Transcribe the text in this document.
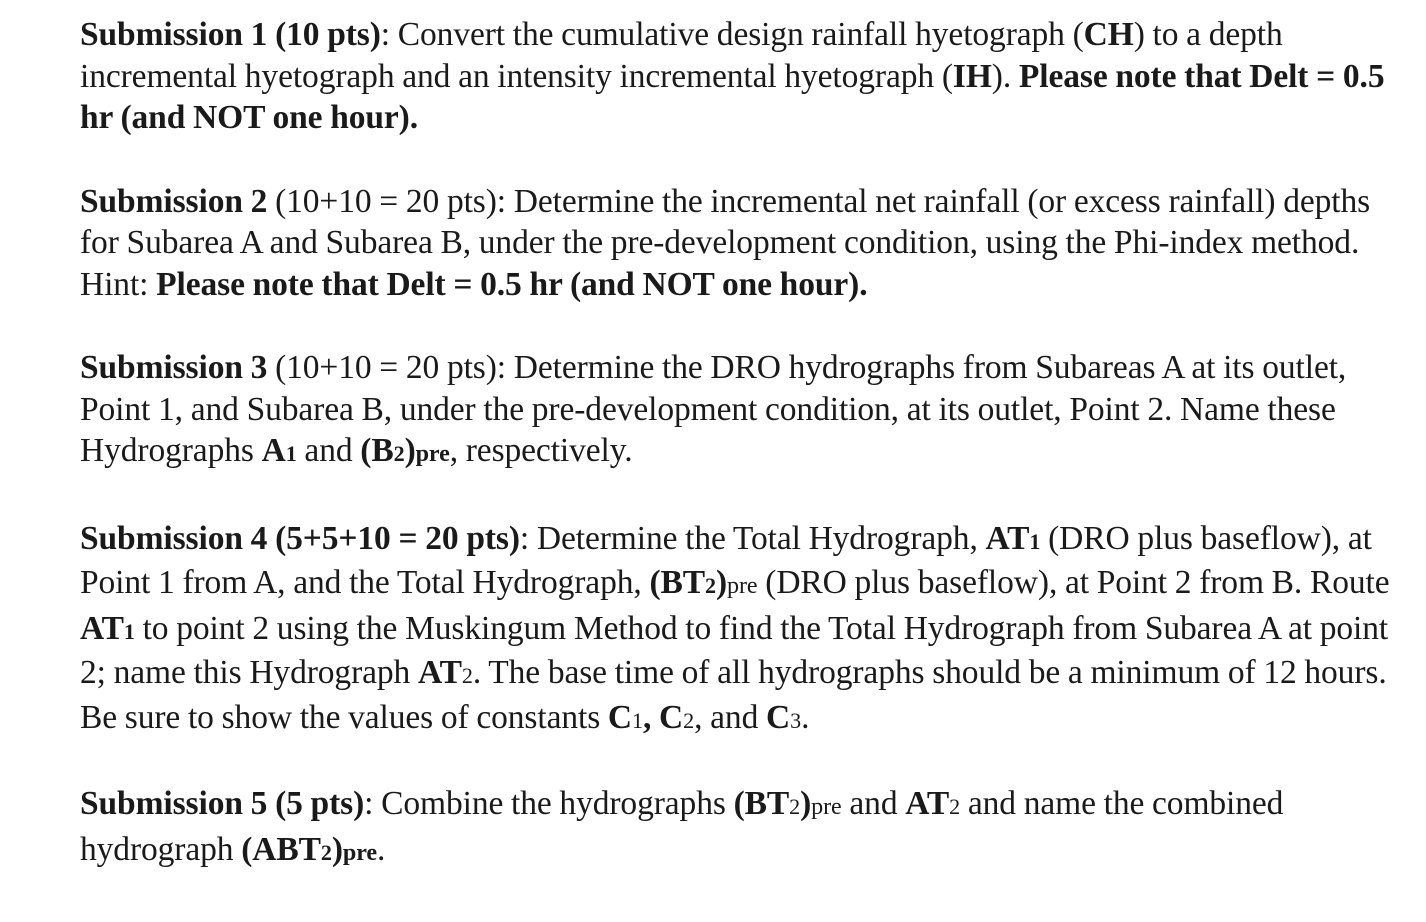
Submission 1 (10 pts): Convert the cumulative design rainfall hyetograph (CH) to a depth incremental hyetograph and an intensity incremental hyetograph (IH). Please note that Delt = 0.5 hr (and NOT one hour).

Submission 2 (10+10 = 20 pts): Determine the incremental net rainfall (or excess rainfall) depths for Subarea A and Subarea B, under the pre-development condition, using the Phi-index method. Hint: Please note that Delt = 0.5 hr (and NOT one hour).

Submission 3 (10+10 = 20 pts): Determine the DRO hydrographs from Subareas A at its outlet, Point 1, and Subarea B, under the pre-development condition, at its outlet, Point 2. Name these Hydrographs A1 and (B2)pre, respectively.

Submission 4 (5+5+10 = 20 pts): Determine the Total Hydrograph, AT1 (DRO plus baseflow), at Point 1 from A, and the Total Hydrograph, (BT2)pre (DRO plus baseflow), at Point 2 from B. Route AT1 to point 2 using the Muskingum Method to find the Total Hydrograph from Subarea A at point 2; name this Hydrograph AT2. The base time of all hydrographs should be a minimum of 12 hours. Be sure to show the values of constants C1, C2, and C3.

Submission 5 (5 pts): Combine the hydrographs (BT2)pre and AT2 and name the combined hydrograph (ABT2)pre.
